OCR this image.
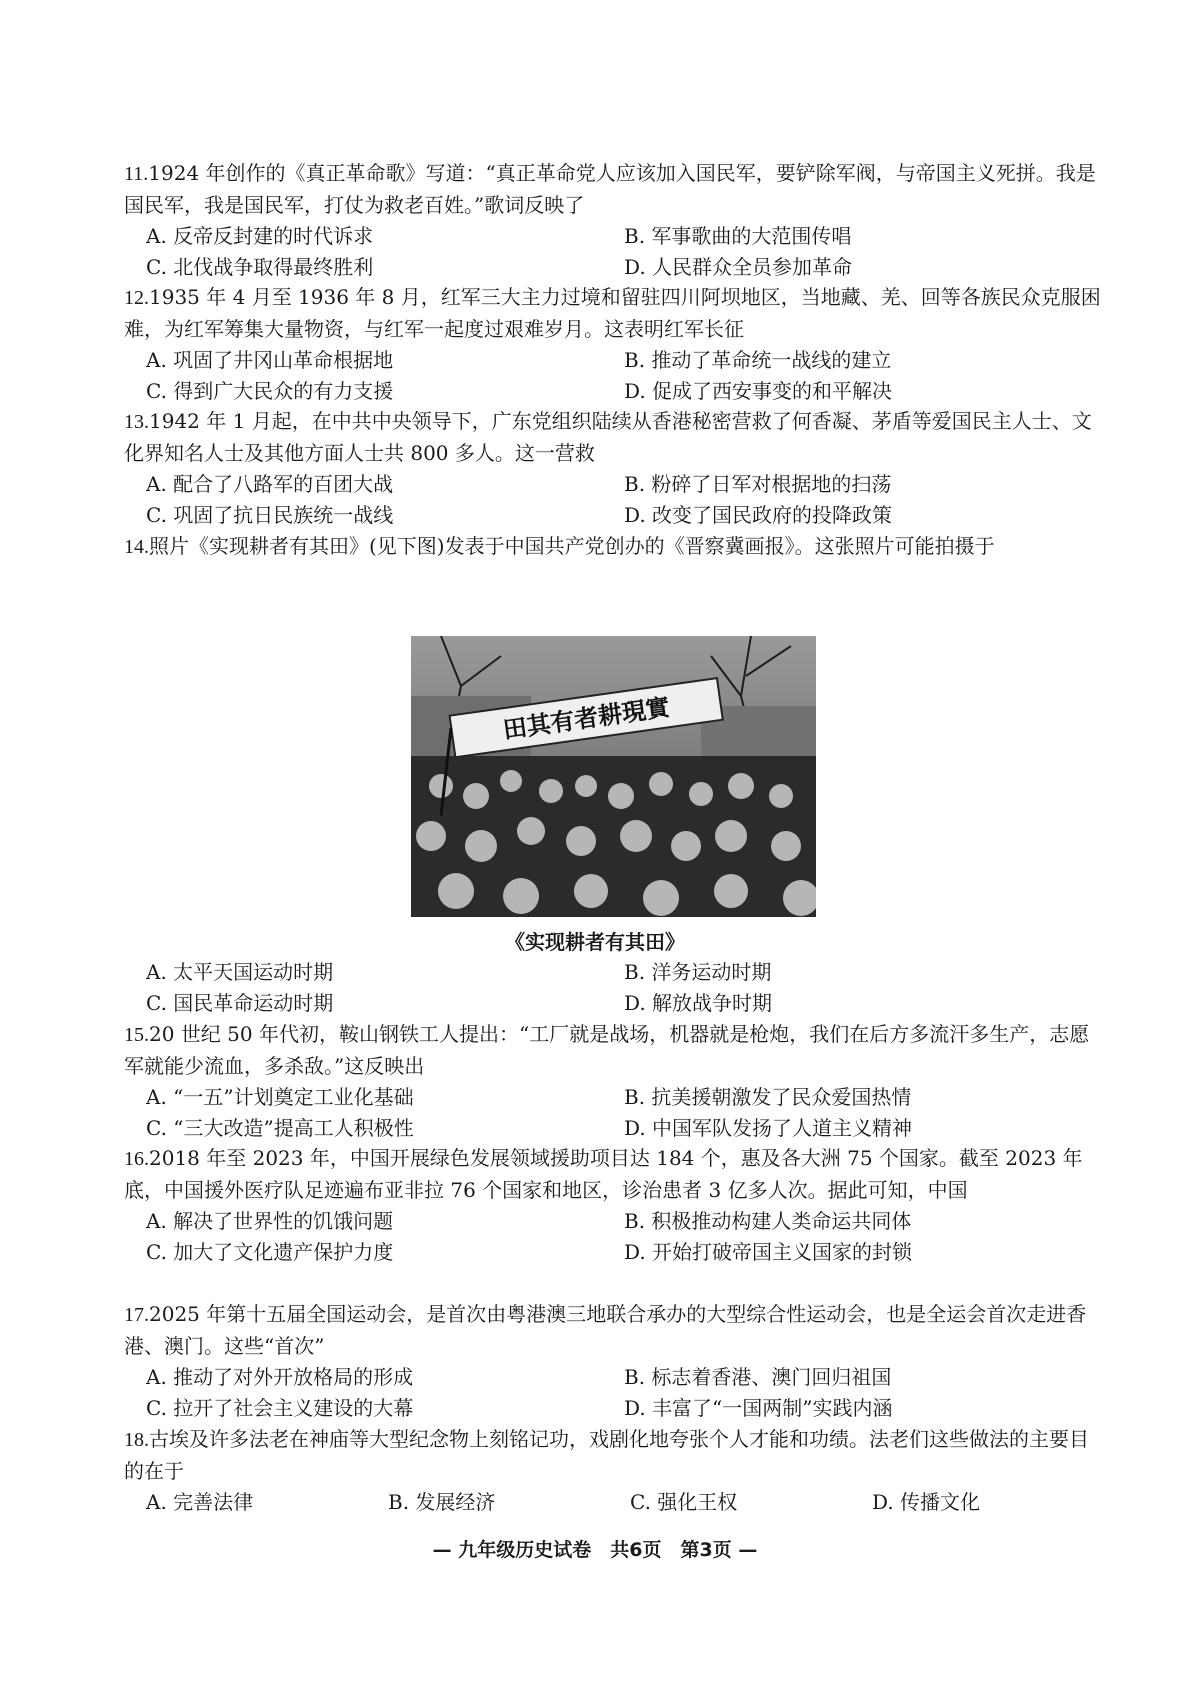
11.1924 年创作的《真正革命歌》写道：“真正革命党人应该加入国民军，要铲除军阀，与帝国主义死拼。我是国民军，我是国民军，打仗为救老百姓。”歌词反映了
A. 反帝反封建的时代诉求	B. 军事歌曲的大范围传唱
C. 北伐战争取得最终胜利	D. 人民群众全员参加革命
12.1935 年 4 月至 1936 年 8 月，红军三大主力过境和留驻四川阿坝地区，当地藏、羌、回等各族民众克服困难，为红军筹集大量物资，与红军一起度过艰难岁月。这表明红军长征
A. 巩固了井冈山革命根据地	B. 推动了革命统一战线的建立
C. 得到广大民众的有力支援	D. 促成了西安事变的和平解决
13.1942 年 1 月起，在中共中央领导下，广东党组织陆续从香港秘密营救了何香凝、茅盾等爱国民主人士、文化界知名人士及其他方面人士共 800 多人。这一营救
A. 配合了八路军的百团大战	B. 粉碎了日军对根据地的扫荡
C. 巩固了抗日民族统一战线	D. 改变了国民政府的投降政策
14.照片《实现耕者有其田》(见下图)发表于中国共产党创办的《晋察冀画报》。这张照片可能拍摄于
田其有者耕現實
《实现耕者有其田》
A. 太平天国运动时期	B. 洋务运动时期
C. 国民革命运动时期	D. 解放战争时期
15.20 世纪 50 年代初，鞍山钢铁工人提出：“工厂就是战场，机器就是枪炮，我们在后方多流汗多生产，志愿军就能少流血，多杀敌。”这反映出
A. “一五”计划奠定工业化基础	B. 抗美援朝激发了民众爱国热情
C. “三大改造”提高工人积极性	D. 中国军队发扬了人道主义精神
16.2018 年至 2023 年，中国开展绿色发展领域援助项目达 184 个，惠及各大洲 75 个国家。截至 2023 年底，中国援外医疗队足迹遍布亚非拉 76 个国家和地区，诊治患者 3 亿多人次。据此可知，中国
A. 解决了世界性的饥饿问题	B. 积极推动构建人类命运共同体
C. 加大了文化遗产保护力度	D. 开始打破帝国主义国家的封锁
17.2025 年第十五届全国运动会，是首次由粤港澳三地联合承办的大型综合性运动会，也是全运会首次走进香港、澳门。这些“首次”
A. 推动了对外开放格局的形成	B. 标志着香港、澳门回归祖国
C. 拉开了社会主义建设的大幕	D. 丰富了“一国两制”实践内涵
18.古埃及许多法老在神庙等大型纪念物上刻铭记功，戏剧化地夸张个人才能和功绩。法老们这些做法的主要目的在于
A. 完善法律	B. 发展经济	C. 强化王权	D. 传播文化
— 九年级历史试卷　共6页　第3页 —
